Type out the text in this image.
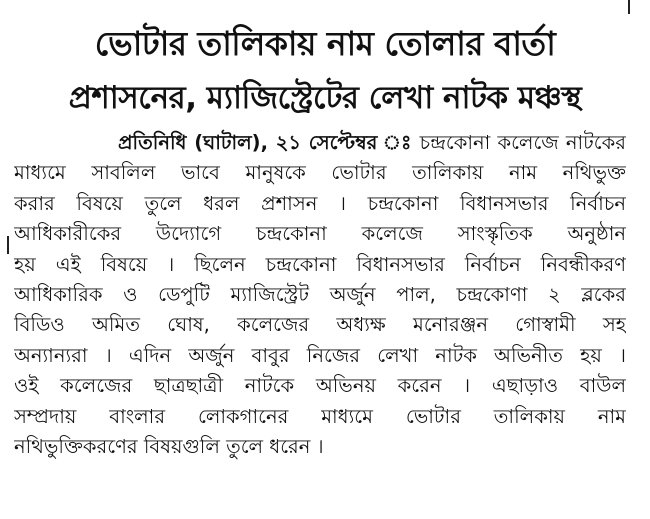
ভোটার তালিকায় নাম তোলার বার্তা
প্রশাসনের, ম্যাজিস্ট্রেটের লেখা নাটক মঞ্চস্থ
প্রতিনিধি (ঘাটাল), ২১ সেপ্টেম্বর ঃ চন্দ্রকোনা কলেজে নাটকের
মাধ্যমে সাবলিল ভাবে মানুষকে ভোটার তালিকায় নাম নথিভুক্ত
করার বিষয়ে তুলে ধরল প্রশাসন । চন্দ্রকোনা বিধানসভার নির্বাচন
আধিকারীকের উদ্যোগে চন্দ্রকোনা কলেজে সাংস্কৃতিক অনুষ্ঠান
হয় এই বিষয়ে । ছিলেন চন্দ্রকোনা বিধানসভার নির্বাচন নিবন্ধীকরণ
আধিকারিক ও ডেপুটি ম্যাজিস্ট্রেট অর্জুন পাল, চন্দ্রকোণা ২ ব্লকের
বিডিও অমিত ঘোষ, কলেজের অধ্যক্ষ মনোরঞ্জন গোস্বামী সহ
অন্যান্যরা । এদিন অর্জুন বাবুর নিজের লেখা নাটক অভিনীত হয় ।
ওই কলেজের ছাত্রছাত্রী নাটকে অভিনয় করেন । এছাড়াও বাউল
সম্প্রদায় বাংলার লোকগানের মাধ্যমে ভোটার তালিকায় নাম
নথিভুক্তিকরণের বিষয়গুলি তুলে ধরেন ।
